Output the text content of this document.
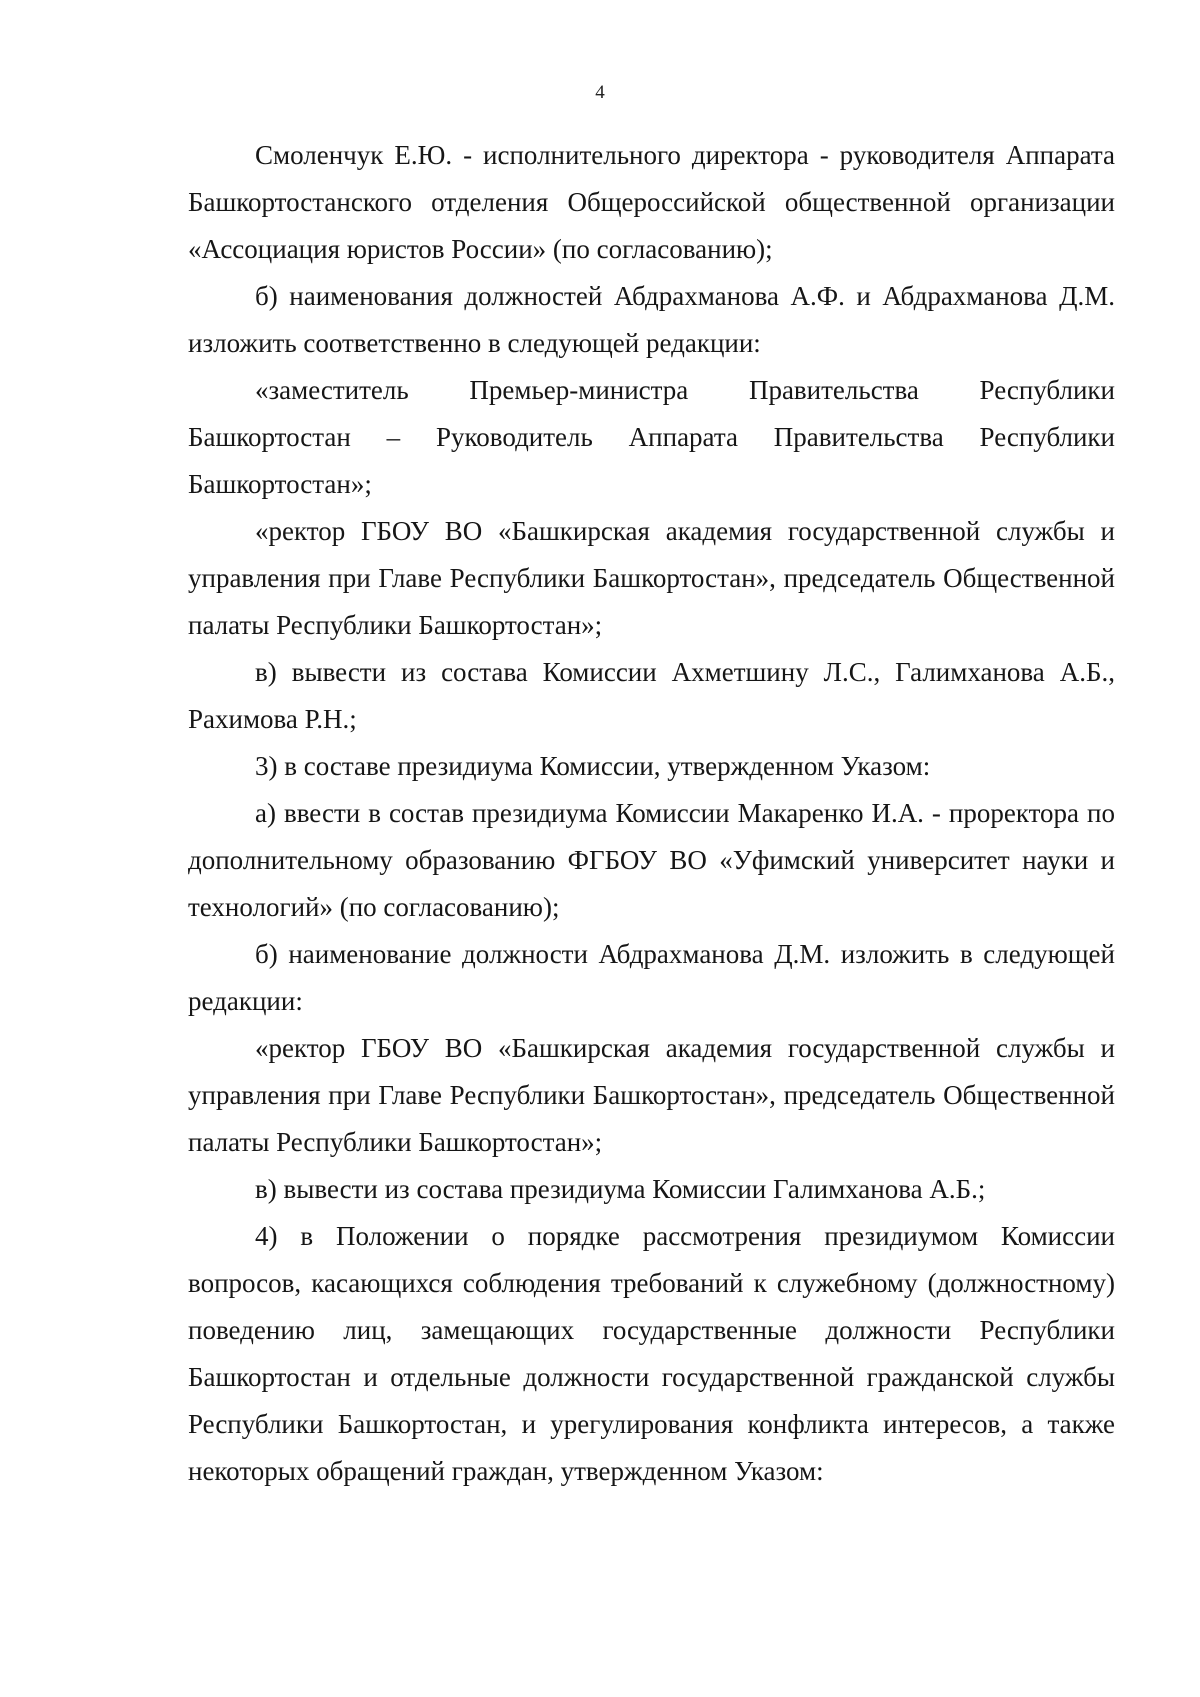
4

Смоленчук Е.Ю. - исполнительного директора - руководителя Аппарата Башкортостанского отделения Общероссийской общественной организации «Ассоциация юристов России» (по согласованию);

б) наименования должностей Абдрахманова А.Ф. и Абдрахманова Д.М. изложить соответственно в следующей редакции:

«заместитель Премьер-министра Правительства Республики Башкортостан – Руководитель Аппарата Правительства Республики Башкортостан»;

«ректор ГБОУ ВО «Башкирская академия государственной службы и управления при Главе Республики Башкортостан», председатель Общественной палаты Республики Башкортостан»;

в) вывести из состава Комиссии Ахметшину Л.С., Галимханова А.Б., Рахимова Р.Н.;

3) в составе президиума Комиссии, утвержденном Указом:

а) ввести в состав президиума Комиссии Макаренко И.А. - проректора по дополнительному образованию ФГБОУ ВО «Уфимский университет науки и технологий» (по согласованию);

б) наименование должности Абдрахманова Д.М. изложить в следующей редакции:

«ректор ГБОУ ВО «Башкирская академия государственной службы и управления при Главе Республики Башкортостан», председатель Общественной палаты Республики Башкортостан»;

в) вывести из состава президиума Комиссии Галимханова А.Б.;

4) в Положении о порядке рассмотрения президиумом Комиссии вопросов, касающихся соблюдения требований к служебному (должностному) поведению лиц, замещающих государственные должности Республики Башкортостан и отдельные должности государственной гражданской службы Республики Башкортостан, и урегулирования конфликта интересов, а также некоторых обращений граждан, утвержденном Указом:
